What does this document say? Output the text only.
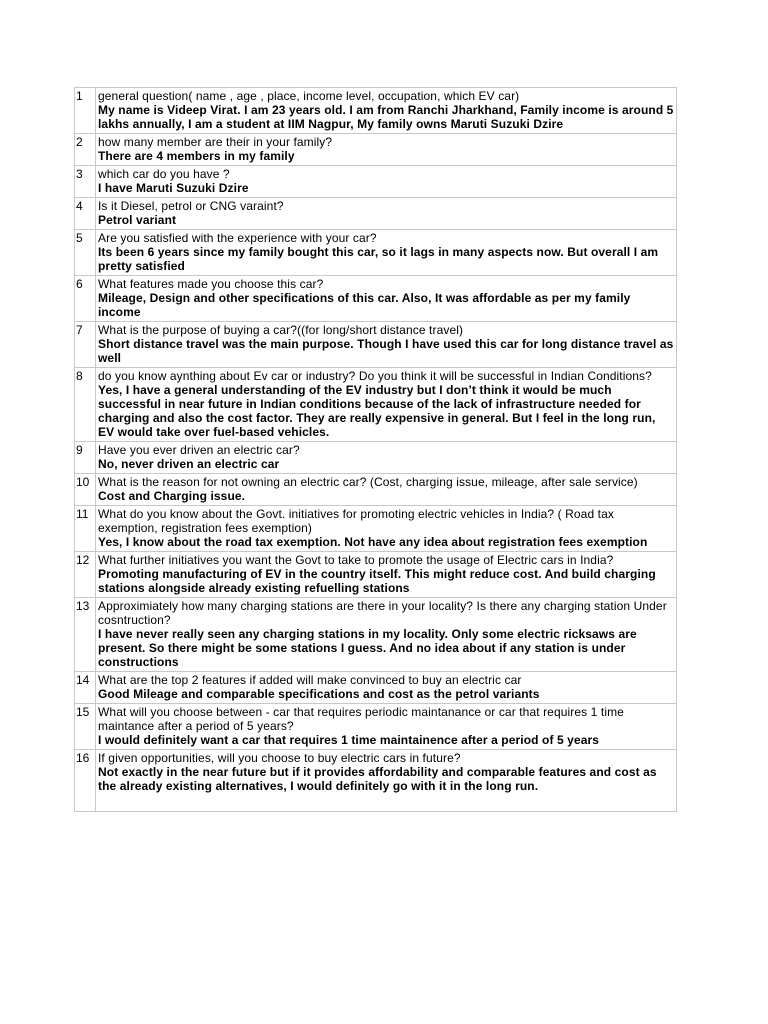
1	general question( name , age , place, income level, occupation, which EV car)
My name is Videep Virat. I am 23 years old. I am from Ranchi Jharkhand, Family income is around 5 lakhs annually, I am a student at IIM Nagpur, My family owns Maruti Suzuki Dzire

2	how many member are their in your family?
There are 4 members in my family

3	which car do you have ?
I have Maruti Suzuki Dzire

4	Is it Diesel, petrol or CNG varaint?
Petrol variant

5	Are you satisfied with the experience with your car?
Its been 6 years since my family bought this car, so it lags in many aspects now. But overall I am pretty satisfied

6	What features made you choose this car?
Mileage, Design and other specifications of this car. Also, It was affordable as per my family income

7	What is the purpose of buying a car?((for long/short distance travel)
Short distance travel was the main purpose. Though I have used this car for long distance travel as well

8	do you know aynthing about Ev car or industry? Do you think it will be successful in Indian Conditions?
Yes, I have a general understanding of the EV industry but I don’t think it would be much successful in near future in Indian conditions because of the lack of infrastructure needed for charging and also the cost factor. They are really expensive in general. But I feel in the long run, EV would take over fuel-based vehicles.

9	Have you ever driven an electric car?
No, never driven an electric car

10	What is the reason for not owning an electric car? (Cost, charging issue, mileage, after sale service)
Cost and Charging issue.

11	What do you know about the Govt. initiatives for promoting electric vehicles in India? ( Road tax exemption, registration fees exemption)
Yes, I know about the road tax exemption. Not have any idea about registration fees exemption

12	What further initiatives you want the Govt to take to promote the usage of Electric cars in India?
Promoting manufacturing of EV in the country itself. This might reduce cost. And build charging stations alongside already existing refuelling stations

13	Approximiately how many charging stations are there in your locality? Is there any charging station Under cosntruction?
I have never really seen any charging stations in my locality. Only some electric ricksaws are present. So there might be some stations I guess. And no idea about if any station is under constructions

14	What are the top 2 features if added will make convinced to buy an electric car
Good Mileage and comparable specifications and cost as the petrol variants

15	What will you choose between - car that requires periodic maintanance or car that requires 1 time maintance after a period of 5 years?
I would definitely want a car that requires 1 time maintainence after a period of 5 years

16	If given opportunities, will you choose to buy electric cars in future?
Not exactly in the near future but if it provides affordability and comparable features and cost as the already existing alternatives, I would definitely go with it in the long run.
